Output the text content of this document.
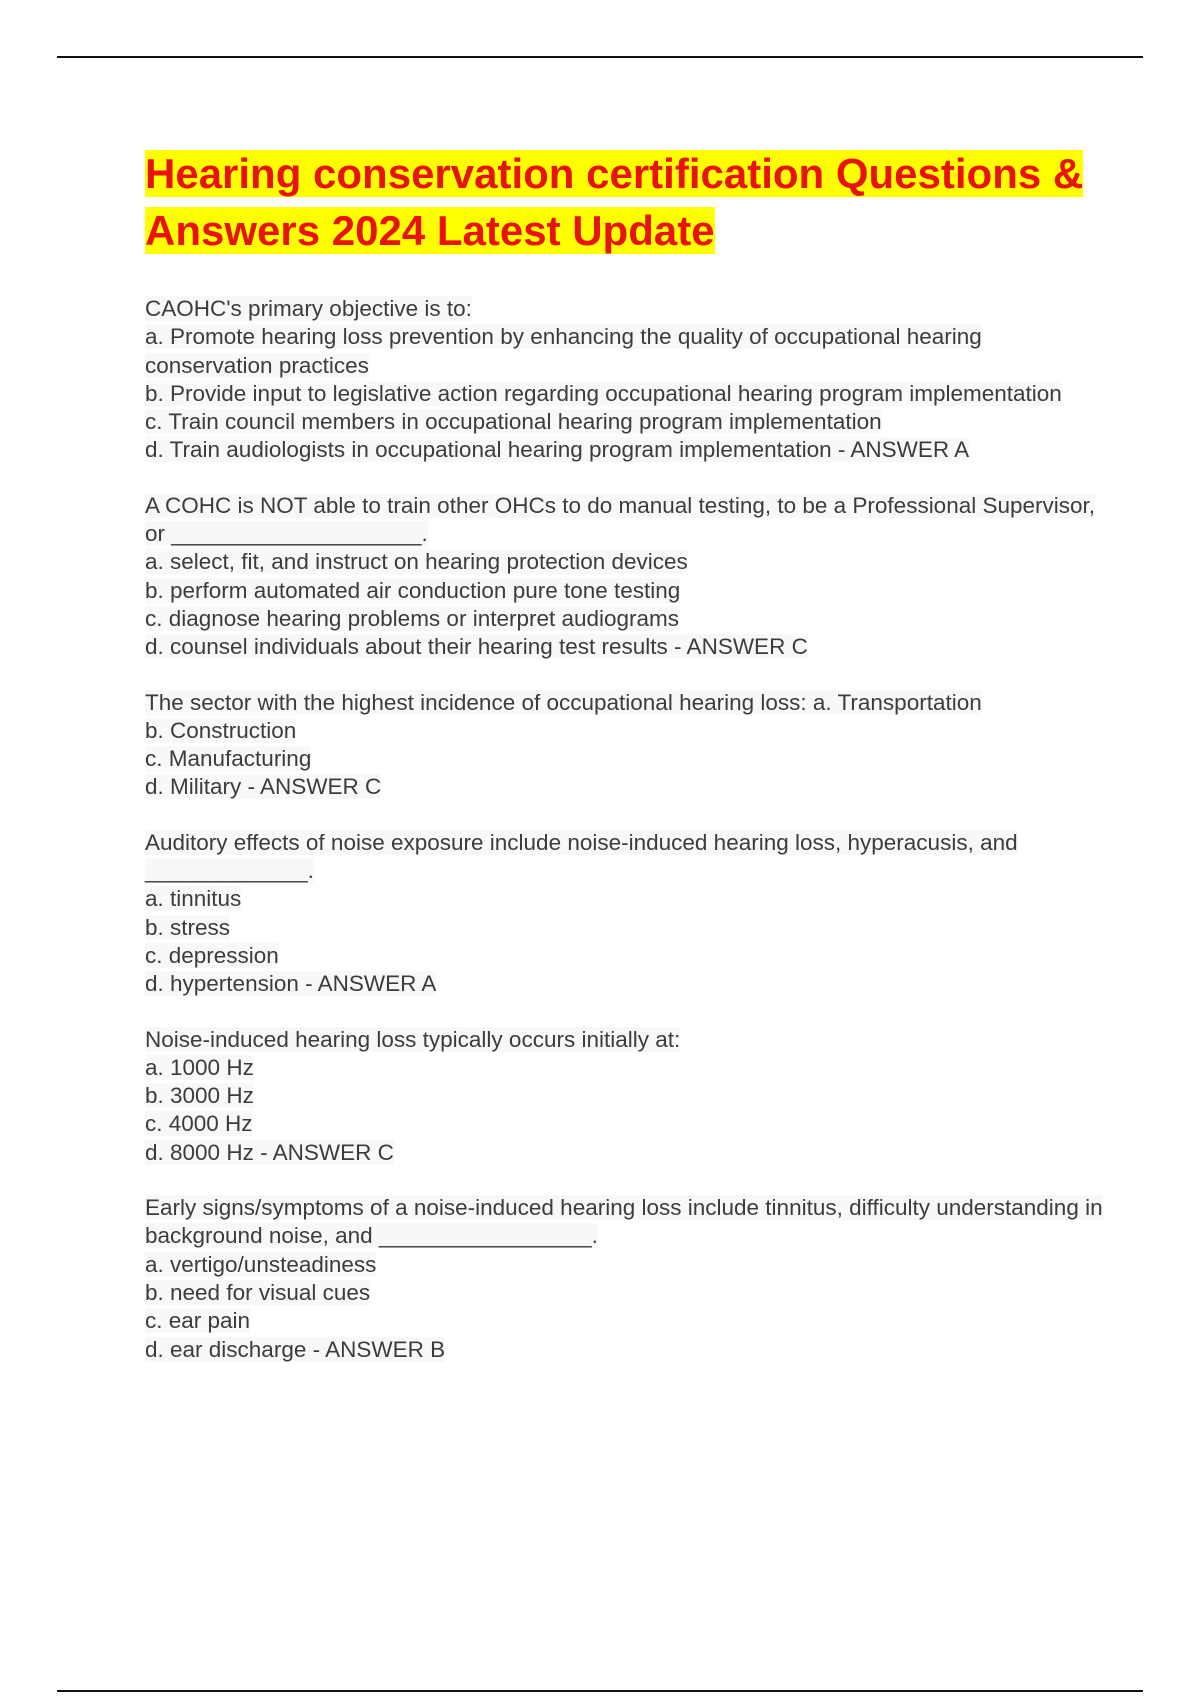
Hearing conservation certification Questions & Answers 2024 Latest Update

CAOHC's primary objective is to:

a. Promote hearing loss prevention by enhancing the quality of occupational hearing conservation practices

b. Provide input to legislative action regarding occupational hearing program implementation

c. Train council members in occupational hearing program implementation

d. Train audiologists in occupational hearing program implementation - ANSWER A

A COHC is NOT able to train other OHCs to do manual testing, to be a Professional Supervisor, or ____________________.

a. select, fit, and instruct on hearing protection devices

b. perform automated air conduction pure tone testing

c. diagnose hearing problems or interpret audiograms

d. counsel individuals about their hearing test results - ANSWER C

The sector with the highest incidence of occupational hearing loss: a. Transportation

b. Construction

c. Manufacturing

d. Military - ANSWER C

Auditory effects of noise exposure include noise-induced hearing loss, hyperacusis, and _____________.

a. tinnitus

b. stress

c. depression

d. hypertension - ANSWER A

Noise-induced hearing loss typically occurs initially at:

a. 1000 Hz

b. 3000 Hz

c. 4000 Hz

d. 8000 Hz - ANSWER C

Early signs/symptoms of a noise-induced hearing loss include tinnitus, difficulty understanding in background noise, and _________________.

a. vertigo/unsteadiness

b. need for visual cues

c. ear pain

d. ear discharge - ANSWER B
